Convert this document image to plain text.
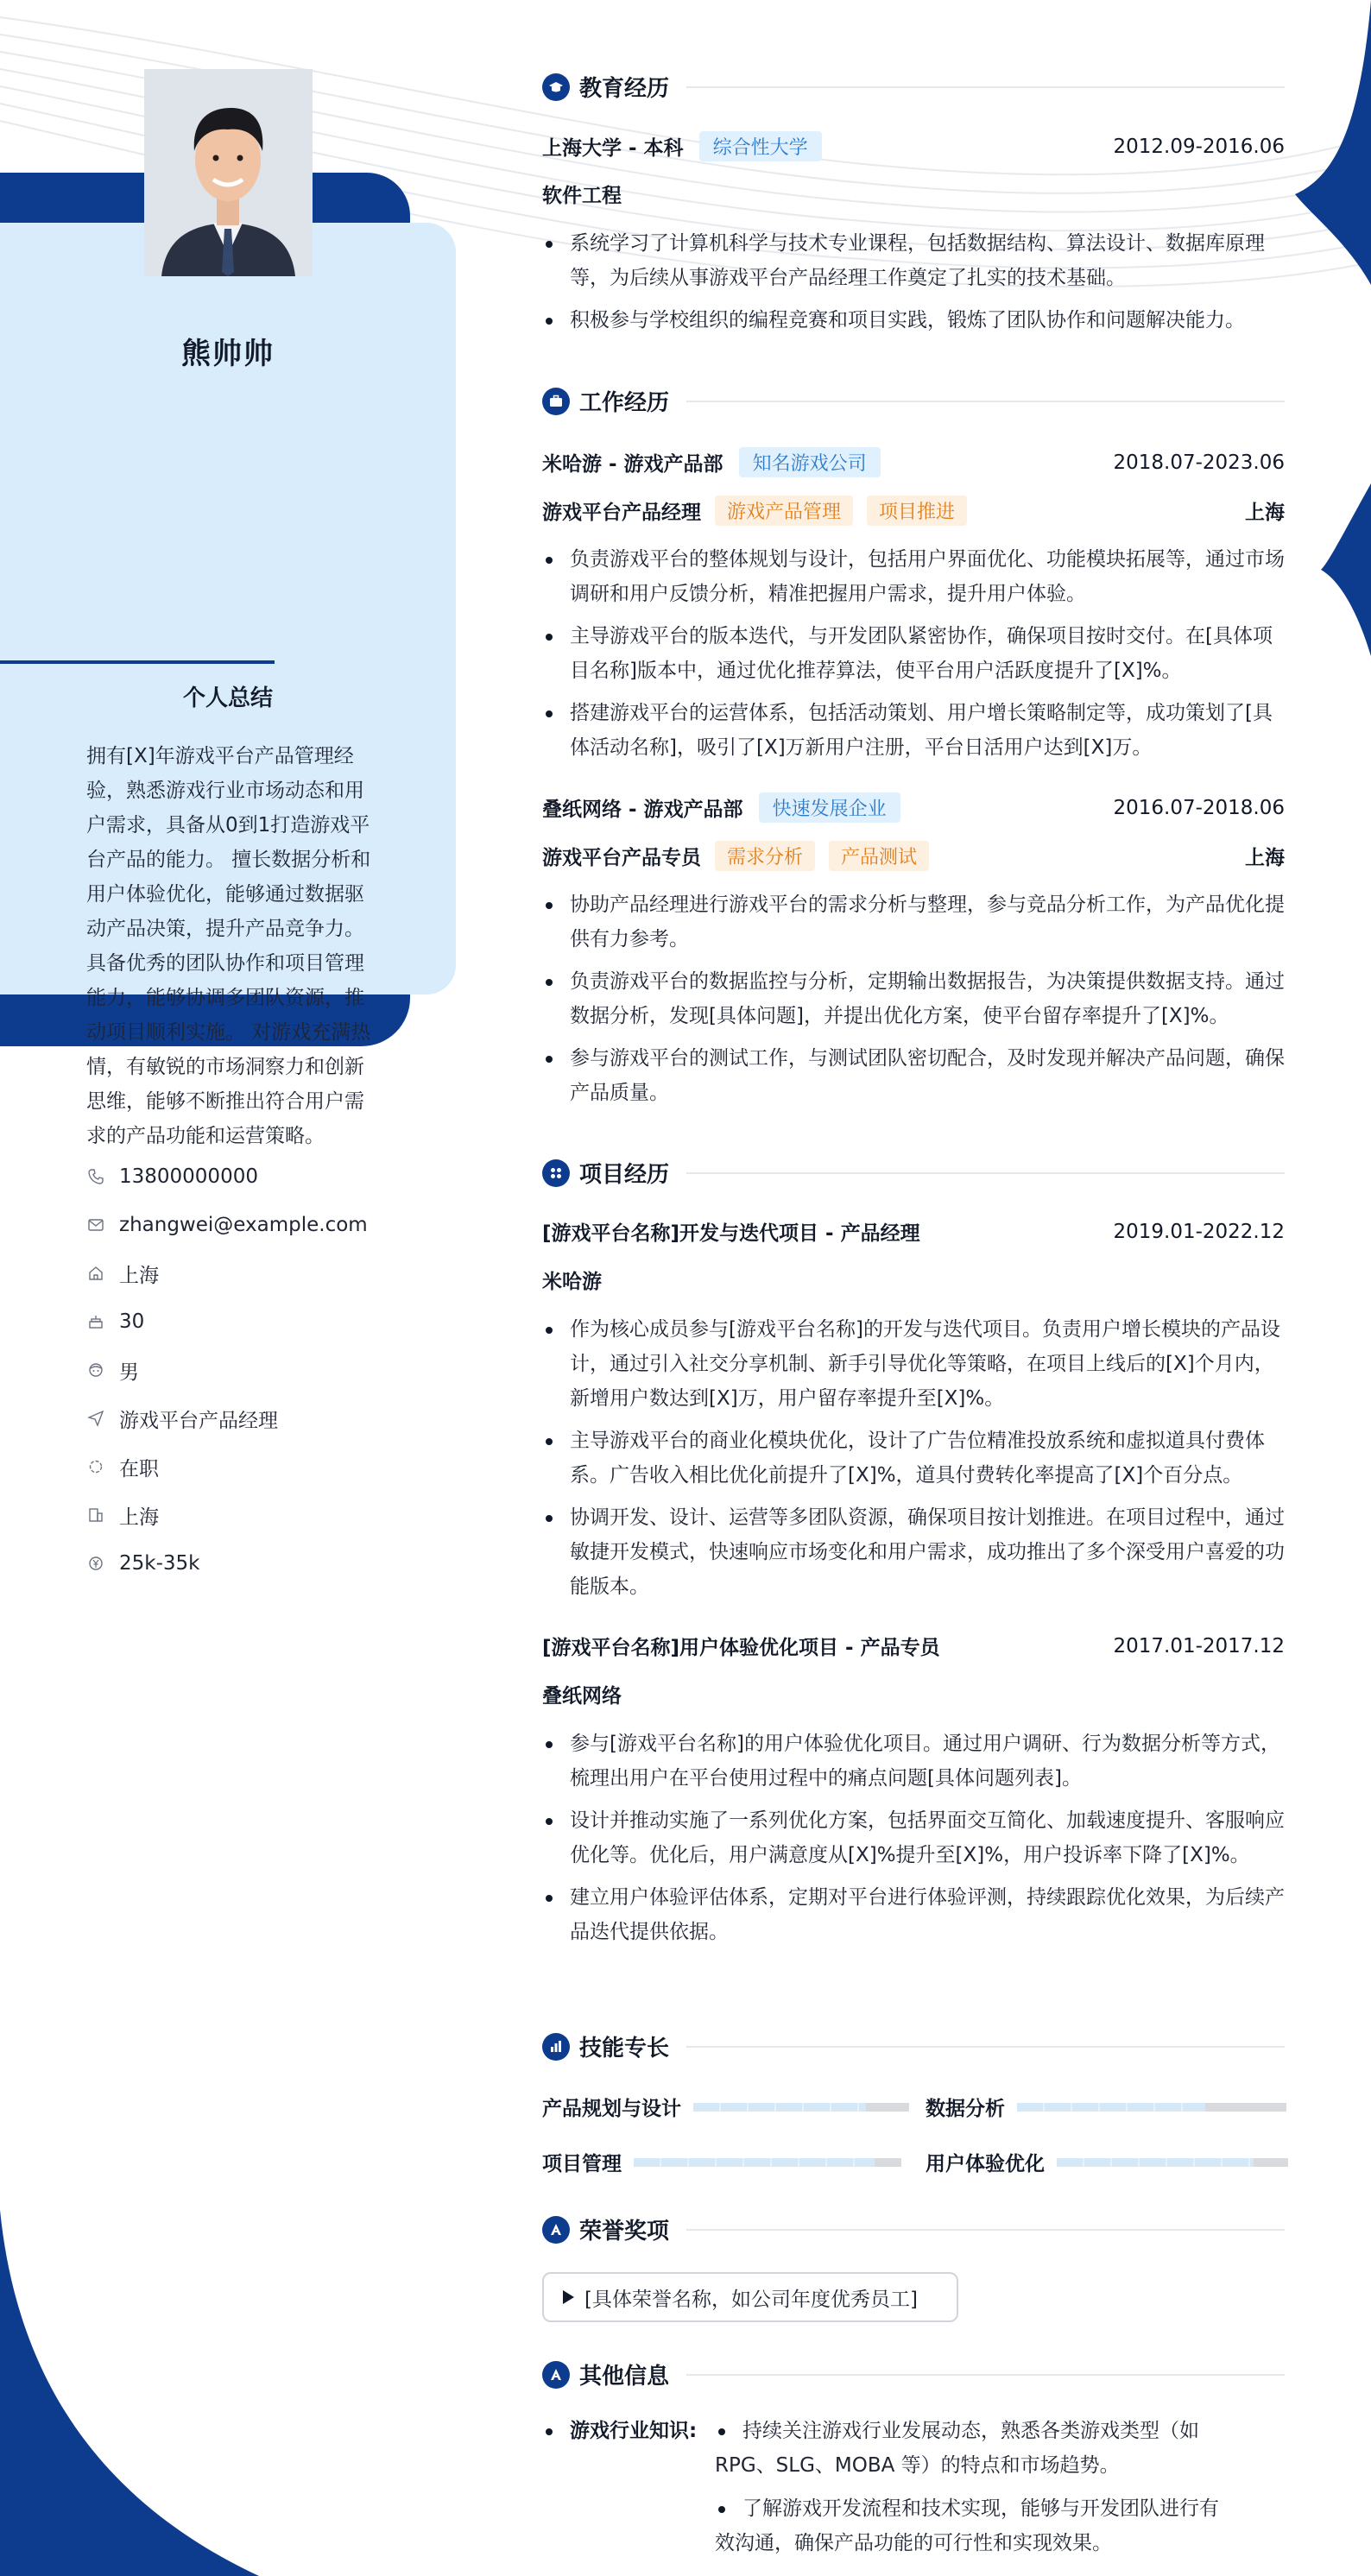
个人总结
拥有[X]年游戏平台产品管理经验，熟悉游戏行业市场动态和用户需求，具备从0到1打造游戏平台产品的能力。 擅长数据分析和用户体验优化，能够通过数据驱动产品决策，提升产品竞争力。 具备优秀的团队协作和项目管理能力，能够协调多团队资源，推动项目顺利实施。 对游戏充满热情，有敏锐的市场洞察力和创新思维，能够不断推出符合用户需求的产品功能和运营策略。
熊帅帅
13800000000
zhangwei@example.com
上海
30
男
游戏平台产品经理
在职
上海
25k-35k
教育经历
上海大学 - 本科	综合性大学	2012.09-2016.06
软件工程
系统学习了计算机科学与技术专业课程，包括数据结构、算法设计、数据库原理等，为后续从事游戏平台产品经理工作奠定了扎实的技术基础。
积极参与学校组织的编程竞赛和项目实践，锻炼了团队协作和问题解决能力。
工作经历
米哈游 - 游戏产品部	知名游戏公司	2018.07-2023.06
游戏平台产品经理	游戏产品管理	项目推进	上海
负责游戏平台的整体规划与设计，包括用户界面优化、功能模块拓展等，通过市场调研和用户反馈分析，精准把握用户需求，提升用户体验。
主导游戏平台的版本迭代，与开发团队紧密协作，确保项目按时交付。在[具体项目名称]版本中，通过优化推荐算法，使平台用户活跃度提升了[X]%。
搭建游戏平台的运营体系，包括活动策划、用户增长策略制定等，成功策划了[具体活动名称]，吸引了[X]万新用户注册，平台日活用户达到[X]万。
叠纸网络 - 游戏产品部	快速发展企业	2016.07-2018.06
游戏平台产品专员	需求分析	产品测试	上海
协助产品经理进行游戏平台的需求分析与整理，参与竞品分析工作，为产品优化提供有力参考。
负责游戏平台的数据监控与分析，定期输出数据报告，为决策提供数据支持。通过数据分析，发现[具体问题]，并提出优化方案，使平台留存率提升了[X]%。
参与游戏平台的测试工作，与测试团队密切配合，及时发现并解决产品问题，确保产品质量。
项目经历
[游戏平台名称]开发与迭代项目 - 产品经理	2019.01-2022.12
米哈游
作为核心成员参与[游戏平台名称]的开发与迭代项目。负责用户增长模块的产品设计，通过引入社交分享机制、新手引导优化等策略，在项目上线后的[X]个月内，新增用户数达到[X]万，用户留存率提升至[X]%。
主导游戏平台的商业化模块优化，设计了广告位精准投放系统和虚拟道具付费体系。广告收入相比优化前提升了[X]%，道具付费转化率提高了[X]个百分点。
协调开发、设计、运营等多团队资源，确保项目按计划推进。在项目过程中，通过敏捷开发模式，快速响应市场变化和用户需求，成功推出了多个深受用户喜爱的功能版本。
[游戏平台名称]用户体验优化项目 - 产品专员	2017.01-2017.12
叠纸网络
参与[游戏平台名称]的用户体验优化项目。通过用户调研、行为数据分析等方式，梳理出用户在平台使用过程中的痛点问题[具体问题列表]。
设计并推动实施了一系列优化方案，包括界面交互简化、加载速度提升、客服响应优化等。优化后，用户满意度从[X]%提升至[X]%，用户投诉率下降了[X]%。
建立用户体验评估体系，定期对平台进行体验评测，持续跟踪优化效果，为后续产品迭代提供依据。
技能专长
产品规划与设计	数据分析
项目管理	用户体验优化
荣誉奖项
[具体荣誉名称，如公司年度优秀员工]
其他信息
游戏行业知识:	持续关注游戏行业发展动态，熟悉各类游戏类型（如 RPG、SLG、MOBA 等）的特点和市场趋势。
了解游戏开发流程和技术实现，能够与开发团队进行有效沟通，确保产品功能的可行性和实现效果。
